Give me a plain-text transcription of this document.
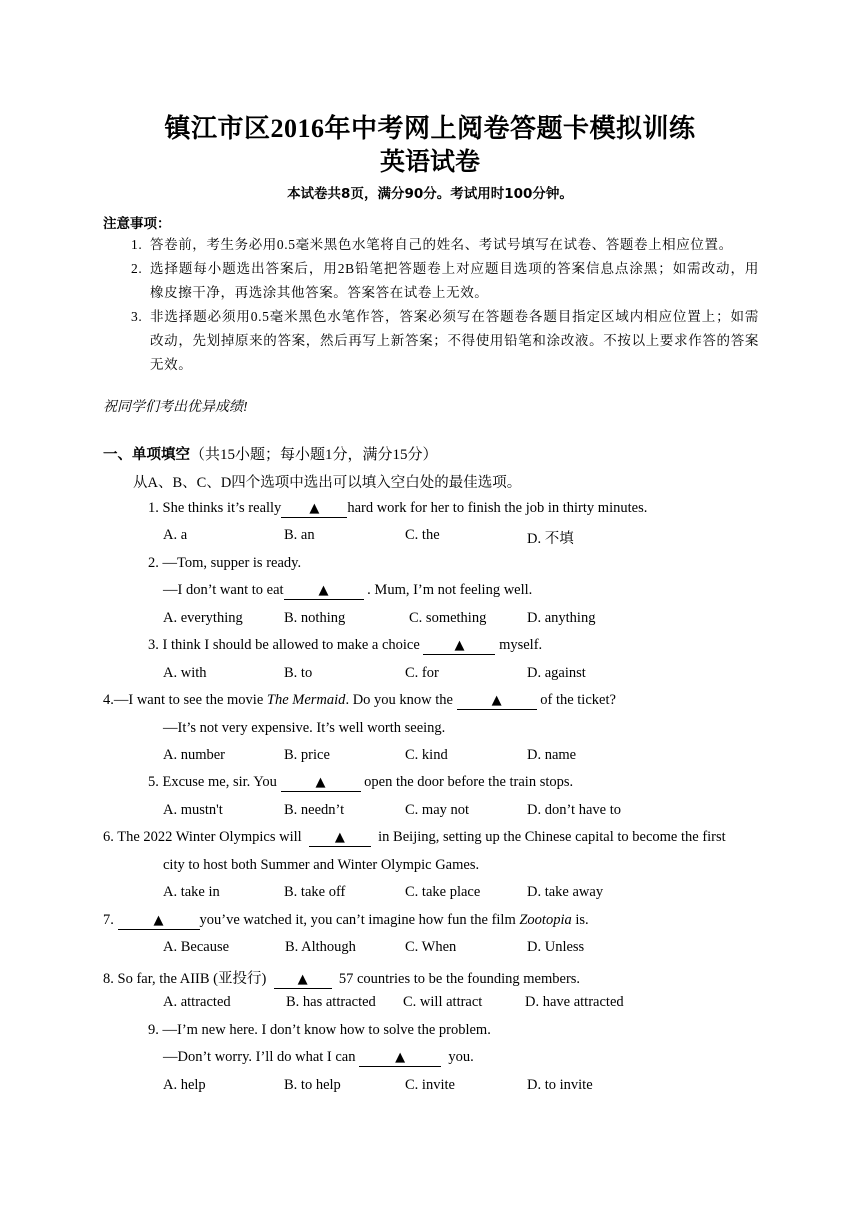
镇江市区2016年中考网上阅卷答题卡模拟训练
英语试卷
本试卷共8页，满分90分。考试用时100分钟。
注意事项：
1. 答卷前，考生务必用0.5毫米黑色水笔将自己的姓名、考试号填写在试卷、答题卷上相应位置。
2. 选择题每小题选出答案后，用2B铅笔把答题卷上对应题目选项的答案信息点涂黑；如需改动，用橡皮擦干净，再选涂其他答案。答案答在试卷上无效。
3. 非选择题必须用0.5毫米黑色水笔作答，答案必须写在答题卷各题目指定区域内相应位置上；如需改动，先划掉原来的答案，然后再写上新答案；不得使用铅笔和涂改液。不按以上要求作答的答案无效。
祝同学们考出优异成绩!
一、单项填空（共15小题；每小题1分，满分15分）
从A、B、C、D四个选项中选出可以填入空白处的最佳选项。
1. She thinks it’s really ▲ hard work for her to finish the job in thirty minutes.
A. a	B. an	C. the	D. 不填
2. —Tom, supper is ready.
—I don’t want to eat	▲	. Mum, I’m not feeling well.
A. everything	B. nothing	C. something	D. anything
3. I think I should be allowed to make a choice	▲ myself.
A. with	B. to	C. for	D. against
4.—I want to see the movie The Mermaid. Do you know the	▲	of the ticket?
—It’s not very expensive. It’s well worth seeing.
A. number	B. price	C. kind	D. name
5. Excuse me, sir. You	▲	open the door before the train stops.
A. mustn't	B. needn’t	C. may not	D. don’t have to
6. The 2022 Winter Olympics will	▲ in Beijing, setting up the Chinese capital to become the first
city to host both Summer and Winter Olympic Games.
A. take in	B. take off	C. take place	D. take away
7.	▲ you’ve watched it, you can’t imagine how fun the film Zootopia is.
A. Because	B. Although	C. When	D. Unless
8. So far, the AIIB (亚投行) ▲ 57 countries to be the founding members.
A. attracted	B. has attracted C. will attract	D. have attracted
9. —I’m new here. I don’t know how to solve the problem.
—Don’t worry. I’ll do what I can	▲	you.
A. help	B. to help	C. invite	D. to invite
